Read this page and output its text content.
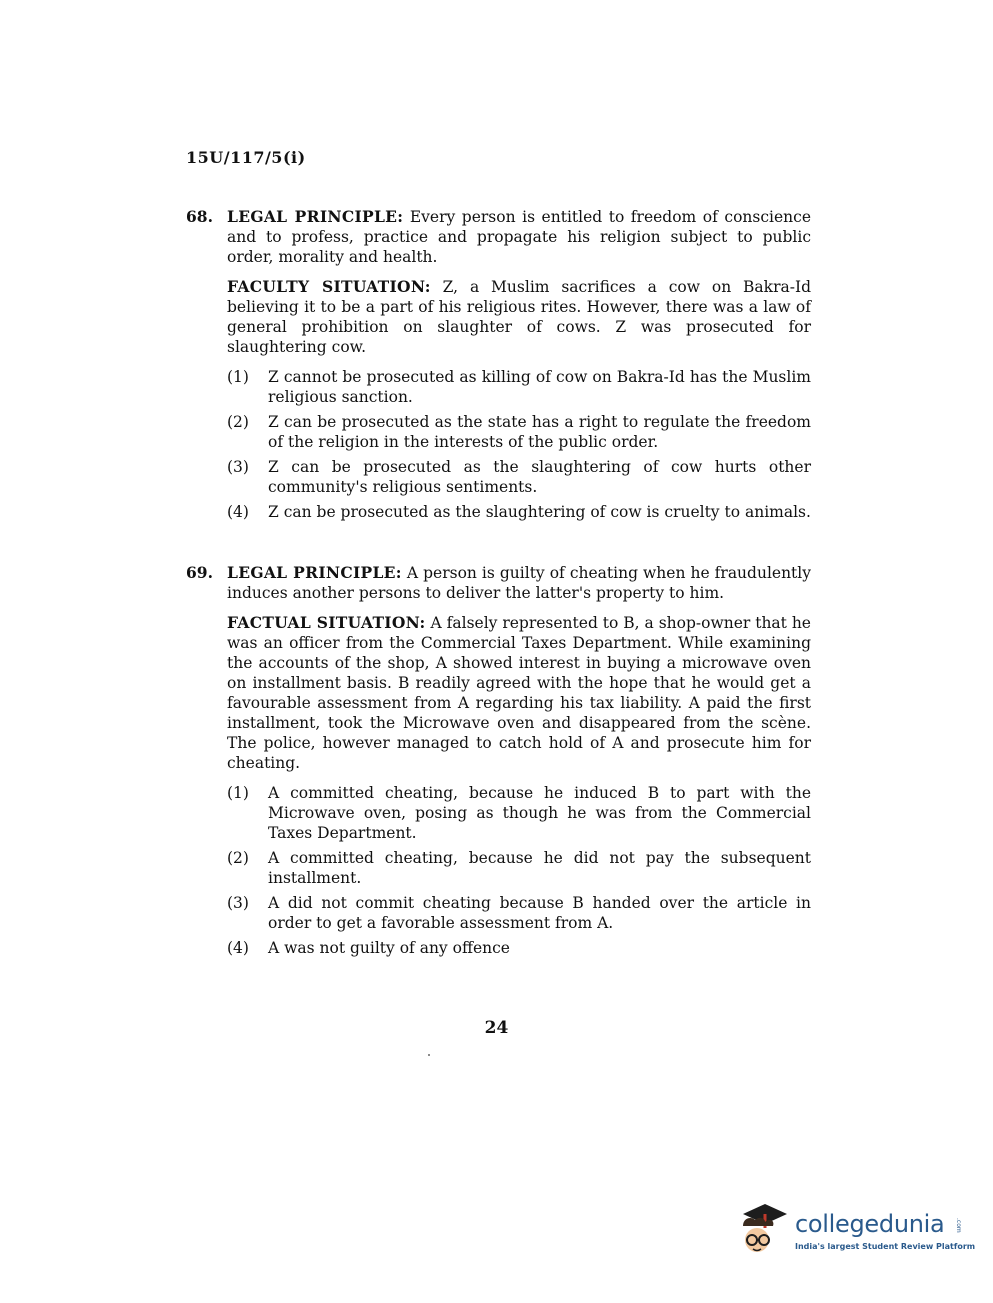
15U/117/5(i)
68. LEGAL PRINCIPLE: Every person is entitled to freedom of conscience and to profess, practice and propagate his religion subject to public order, morality and health.

FACULTY SITUATION: Z, a Muslim sacrifices a cow on Bakra-Id believing it to be a part of his religious rites. However, there was a law of general prohibition on slaughter of cows. Z was prosecuted for slaughtering cow.

(1) Z cannot be prosecuted as killing of cow on Bakra-Id has the Muslim religious sanction.
(2) Z can be prosecuted as the state has a right to regulate the freedom of the religion in the interests of the public order.
(3) Z can be prosecuted as the slaughtering of cow hurts other community's religious sentiments.
(4) Z can be prosecuted as the slaughtering of cow is cruelty to animals.
69. LEGAL PRINCIPLE: A person is guilty of cheating when he fraudulently induces another persons to deliver the latter's property to him.

FACTUAL SITUATION: A falsely represented to B, a shop-owner that he was an officer from the Commercial Taxes Department. While examining the accounts of the shop, A showed interest in buying a microwave oven on installment basis. B readily agreed with the hope that he would get a favourable assessment from A regarding his tax liability. A paid the first installment, took the Microwave oven and disappeared from the scène. The police, however managed to catch hold of A and prosecute him for cheating.

(1) A committed cheating, because he induced B to part with the Microwave oven, posing as though he was from the Commercial Taxes Department.
(2) A committed cheating, because he did not pay the subsequent installment.
(3) A did not commit cheating because B handed over the article in order to get a favorable assessment from A.
(4) A was not guilty of any offence
24
collegedunia .com
India's largest Student Review Platform
